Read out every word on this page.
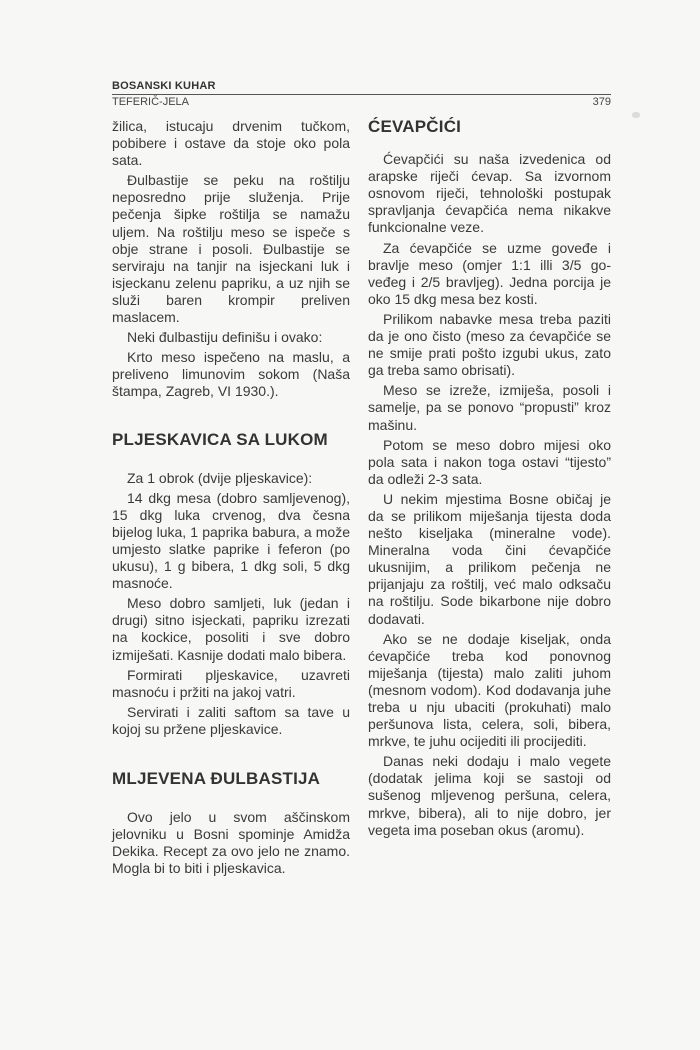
BOSANSKI KUHAR
TEFERIČ-JELA	379

žilica, istucaju drvenim tučkom, pobibere i ostave da stoje oko pola sata.

Đulbastije se peku na roštilju neposredno prije služenja. Prije pečenja šipke roštilja se namažu uljem. Na roštilju meso se ispeče s obje strane i posoli. Đulbastije se serviraju na tanjir na isjeckani luk i isjeckanu zelenu papriku, a uz njih se služi baren krompir preliven maslacem.

Neki đulbastiju definišu i ovako:

Krto meso ispečeno na maslu, a preliveno limunovim sokom (Naša štampa, Zagreb, VI 1930.).

PLJESKAVICA SA LUKOM

Za 1 obrok (dvije pljeskavice):

14 dkg mesa (dobro samljevenog), 15 dkg luka crvenog, dva česna bijelog luka, 1 paprika babura, a može umjesto slatke paprike i feferon (po ukusu), 1 g bibera, 1 dkg soli, 5 dkg masnoće.

Meso dobro samljeti, luk (jedan i drugi) sitno isjeckati, papriku izrezati na kockice, posoliti i sve dobro izmiješati. Kasnije dodati malo bibera.

Formirati pljeskavice, uzavreti masnoću i pržiti na jakoj vatri.

Servirati i zaliti saftom sa tave u kojoj su pržene pljeskavice.

MLJEVENA ĐULBASTIJA

Ovo jelo u svom aščinskom jelovniku u Bosni spominje Amidža Dekika. Recept za ovo jelo ne znamo. Mogla bi to biti i pljeskavica.

ĆEVAPČIĆI

Ćevapčići su naša izvedenica od arapske riječi ćevap. Sa izvornom osnovom riječi, tehnološki postupak spravljanja ćevapčića nema nikakve funkcionalne veze.

Za ćevapčiće se uzme goveđe i bravlje meso (omjer 1:1 illi 3/5 goveđeg i 2/5 bravljeg). Jedna porcija je oko 15 dkg mesa bez kosti.

Prilikom nabavke mesa treba paziti da je ono čisto (meso za ćevapčiće se ne smije prati pošto izgubi ukus, zato ga treba samo obrisati).

Meso se izreže, izmiješa, posoli i samelje, pa se ponovo “propusti” kroz mašinu.

Potom se meso dobro mijesi oko pola sata i nakon toga ostavi “tijesto” da odleži 2-3 sata.

U nekim mjestima Bosne običaj je da se prilikom miješanja tijesta doda nešto kiseljaka (mineralne vode). Mineralna voda čini ćevapčiće ukusnijim, a prilikom pečenja ne prijanjaju za roštilj, već malo odksaču na roštilju. Sode bikarbone nije dobro dodavati.

Ako se ne dodaje kiseljak, onda ćevapčiće treba kod ponovnog miješanja (tijesta) malo zaliti juhom (mesnom vodom). Kod dodavanja juhe treba u nju ubaciti (prokuhati) malo peršunova lista, celera, soli, bibera, mrkve, te juhu ocijediti ili procijediti.

Danas neki dodaju i malo vegete (dodatak jelima koji se sastoji od sušenog mljevenog peršuna, celera, mrkve, bibera), ali to nije dobro, jer vegeta ima poseban okus (aromu).
